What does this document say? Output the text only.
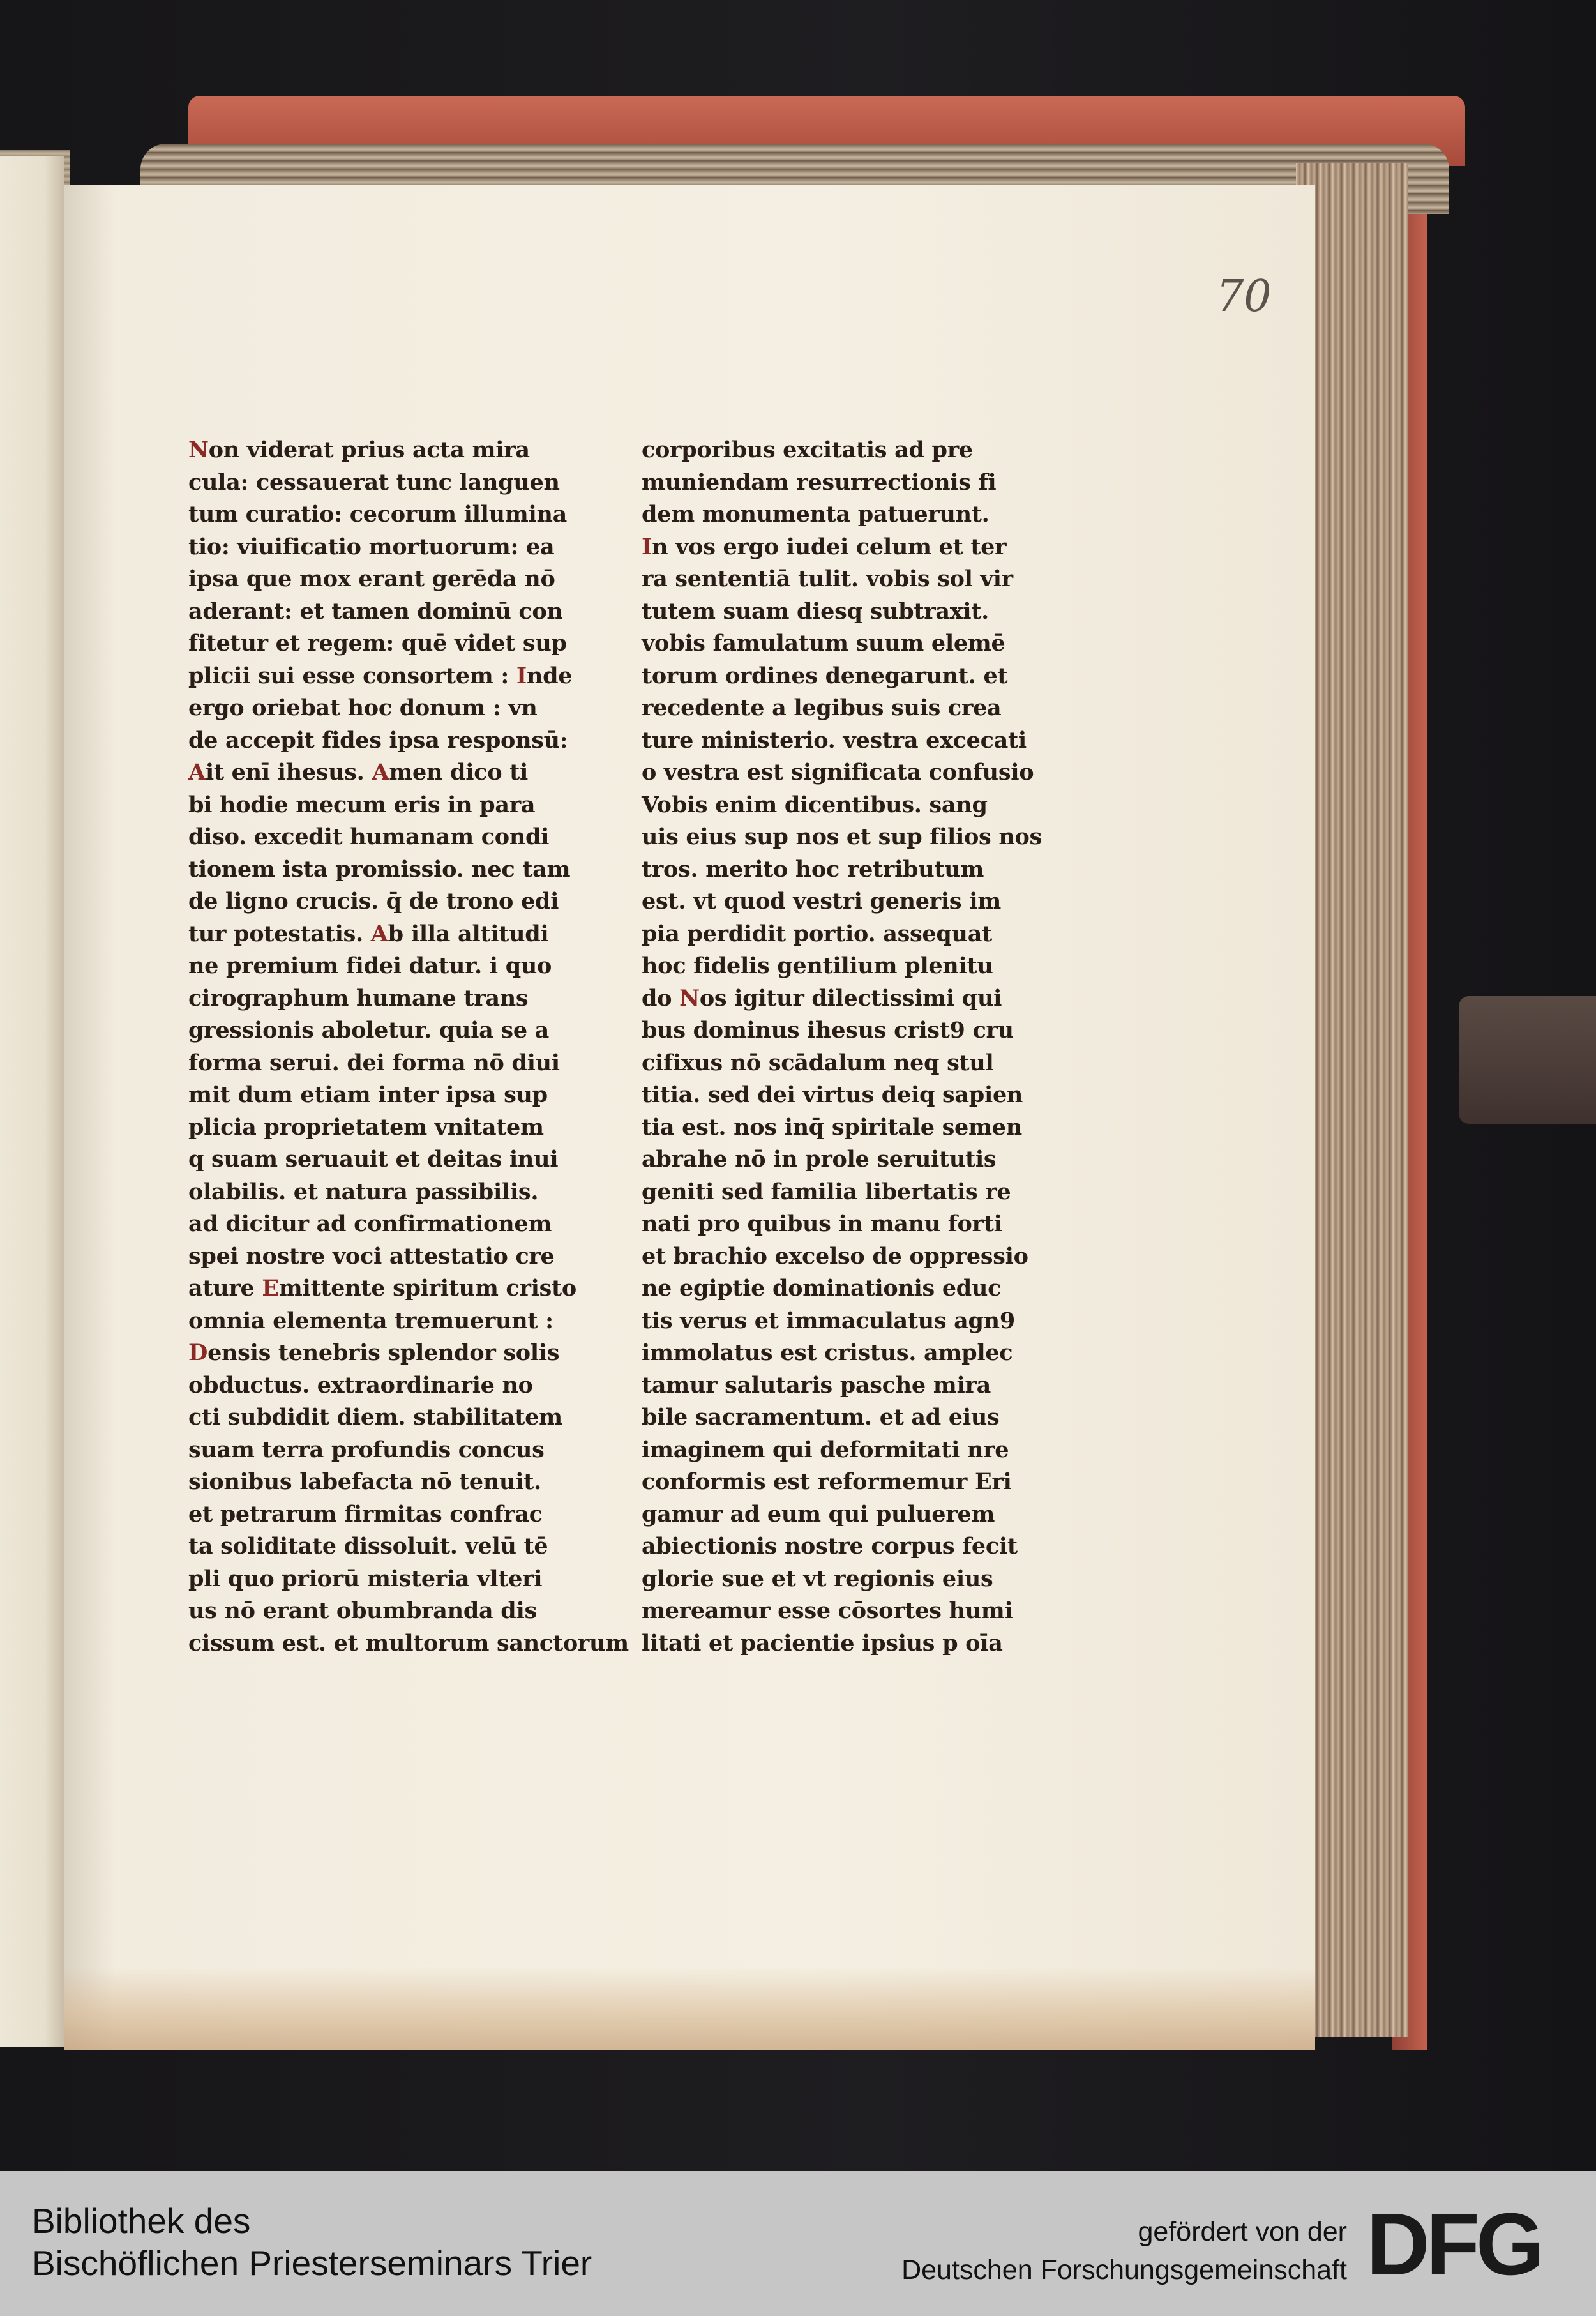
70
Non viderat prius acta mira
cula: cessauerat tunc languen
tum curatio: cecorum illumina
tio: viuificatio mortuorum: ea
ipsa que mox erant gerēda nō
aderant: et tamen dominū con
fitetur et regem: quē videt sup
plicii sui esse consortem : Inde
ergo oriebat hoc donum : vn
de accepit fides ipsa responsū:
Ait enī ihesus. Amen dico ti
bi hodie mecum eris in para
diso. excedit humanam condi
tionem ista promissio. nec tam
de ligno crucis. q̄ de trono edi
tur potestatis. Ab illa altitudi
ne premium fidei datur. i quo
cirographum humane trans
gressionis aboletur. quia se a
forma serui. dei forma nō diui
mit dum etiam inter ipsa sup
plicia proprietatem vnitatem
q suam seruauit et deitas inui
olabilis. et natura passibilis.
ad dicitur ad confirmationem
spei nostre voci attestatio cre
ature Emittente spiritum cristo
omnia elementa tremuerunt :
Densis tenebris splendor solis
obductus. extraordinarie no
cti subdidit diem. stabilitatem
suam terra profundis concus
sionibus labefacta nō tenuit.
et petrarum firmitas confrac
ta soliditate dissoluit. velū tē
pli quo priorū misteria vlteri
us nō erant obumbranda dis
cissum est. et multorum sanctorum
corporibus excitatis ad pre
muniendam resurrectionis fi
dem monumenta patuerunt.
In vos ergo iudei celum et ter
ra sententiā tulit. vobis sol vir
tutem suam diesq subtraxit.
vobis famulatum suum elemē
torum ordines denegarunt. et
recedente a legibus suis crea
ture ministerio. vestra excecati
o vestra est significata confusio
Vobis enim dicentibus. sang
uis eius sup nos et sup filios nos
tros. merito hoc retributum
est. vt quod vestri generis im
pia perdidit portio. assequat
hoc fidelis gentilium plenitu
do Nos igitur dilectissimi qui
bus dominus ihesus crist9 cru
cifixus nō scādalum neq stul
titia. sed dei virtus deiq sapien
tia est. nos inq̄ spiritale semen
abrahe nō in prole seruitutis
geniti sed familia libertatis re
nati pro quibus in manu forti
et brachio excelso de oppressio
ne egiptie dominationis educ
tis verus et immaculatus agn9
immolatus est cristus. amplec
tamur salutaris pasche mira
bile sacramentum. et ad eius
imaginem qui deformitati nre
conformis est reformemur Eri
gamur ad eum qui puluerem
abiectionis nostre corpus fecit
glorie sue et vt regionis eius
mereamur esse cōsortes humi
litati et pacientie ipsius p oīa
Bibliothek des
Bischöflichen Priesterseminars Trier
gefördert von der
Deutschen Forschungsgemeinschaft DFG
